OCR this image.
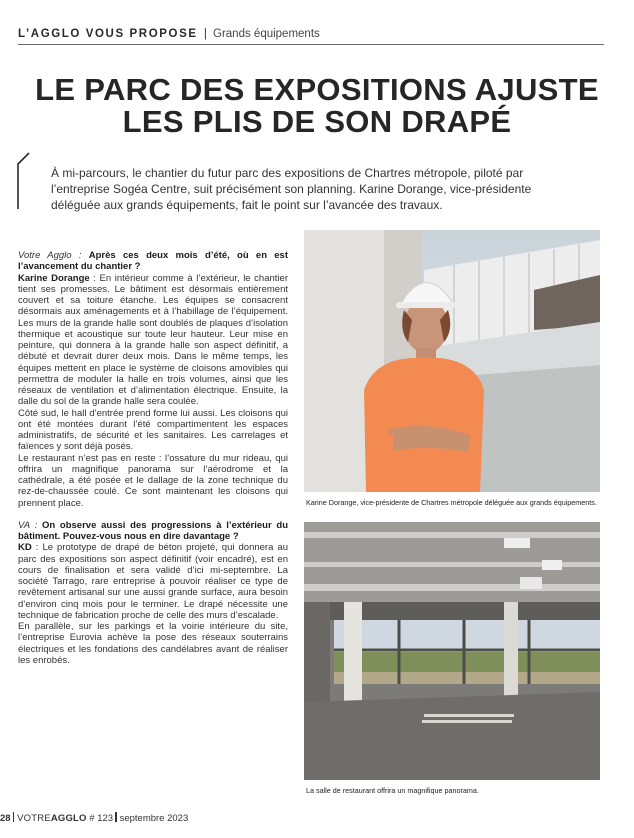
L’AGGLO VOUS PROPOSE | Grands équipements
LE PARC DES EXPOSITIONS AJUSTE
LES PLIS DE SON DRAPÉ
À mi-parcours, le chantier du futur parc des expositions de Chartres métropole, piloté par l’entreprise Sogéa Centre, suit précisément son planning. Karine Dorange, vice-présidente déléguée aux grands équipements, fait le point sur l’avancée des travaux.

Votre Agglo : Après ces deux mois d’été, où en est l’avancement du chantier ?

Karine Dorange : En intérieur comme à l’extérieur, le chantier tient ses promesses. Le bâtiment est désormais entièrement couvert et sa toiture étanche. Les équipes se consacrent désormais aux aménagements et à l’habillage de l’équipement. Les murs de la grande halle sont doublés de plaques d’isolation thermique et acoustique sur toute leur hauteur. Leur mise en peinture, qui donnera à la grande halle son aspect définitif, a débuté et devrait durer deux mois. Dans le même temps, les équipes mettent en place le système de cloisons amovibles qui permettra de moduler la halle en trois volumes, ainsi que les réseaux de ventilation et d’alimentation électrique. Ensuite, la dalle du sol de la grande halle sera coulée.

Côté sud, le hall d’entrée prend forme lui aussi. Les cloisons qui ont été montées durant l’été compartimentent les espaces administratifs, de sécurité et les sanitaires. Les carrelages et faïences y sont déjà posés.

Le restaurant n’est pas en reste : l’ossature du mur rideau, qui offrira un magnifique panorama sur l’aérodrome et la cathédrale, a été posée et le dallage de la zone technique du rez-de-chaussée coulé. Ce sont maintenant les cloisons qui prennent place.

VA : On observe aussi des progressions à l’extérieur du bâtiment. Pouvez-vous nous en dire davantage ?

KD : Le prototype de drapé de béton projeté, qui donnera au parc des expositions son aspect définitif (voir encadré), est en cours de finalisation et sera validé d’ici mi-septembre. La société Tarrago, rare entreprise à pouvoir réaliser ce type de revêtement artisanal sur une aussi grande surface, aura besoin d’environ cinq mois pour le terminer. Le drapé nécessite une technique de fabrication proche de celle des murs d’escalade.

En parallèle, sur les parkings et la voirie intérieure du site, l’entreprise Eurovia achève la pose des réseaux souterrains électriques et les fondations des candélabres avant de réaliser les enrobés.

Karine Dorange, vice-présidente de Chartres métropole déléguée aux grands équipements.
La salle de restaurant offrira un magnifique panorama.
28 VOTREAGGLO # 123 septembre 2023
